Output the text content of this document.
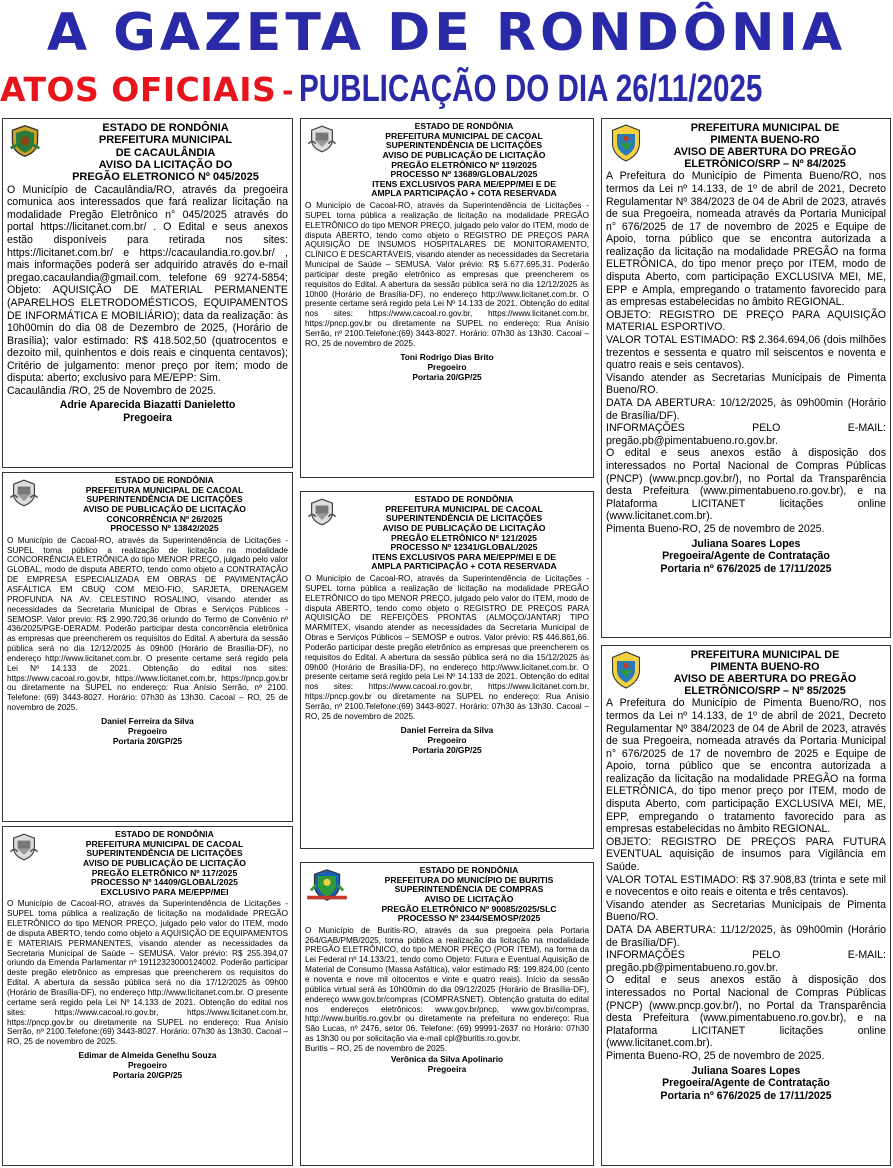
A GAZETA DE RONDÔNIA
ATOS OFICIAIS - PUBLICAÇÃO DO DIA 26/11/2025
ESTADO DE RONDÔNIA
PREFEITURA MUNICIPAL
DE CACAULÂNDIA
AVISO DA LICITAÇÃO DO
PREGÃO ELETRONICO Nº 045/2025
O Município de Cacaulândia/RO, através da pregoeira comunica aos interessados que fará realizar licitação na modalidade Pregão Eletrônico n° 045/2025 através do portal https://licitanet.com.br/ . O Edital e seus anexos estão disponíveis para retirada nos sites: https://licitanet.com.br/ e https://cacaulandia.ro.gov.br/ , mais informações poderá ser adquirido através do e-mail pregao.cacaulandia@gmail.com. telefone 69 9274-5854; Objeto: AQUISIÇÃO DE MATERIAL PERMANENTE (APARELHOS ELETRODOMÉSTICOS, EQUIPAMENTOS DE INFORMÁTICA E MOBILIÁRIO); data da realização: às 10h00min do dia 08 de Dezembro de 2025, (Horário de Brasília); valor estimado: R$ 418.502,50 (quatrocentos e dezoito mil, quinhentos e dois reais e cinquenta centavos); Critério de julgamento: menor preço por item; modo de disputa: aberto; exclusivo para ME/EPP: Sim.
Cacaulândia /RO, 25 de Novembro de 2025.
Adrie Aparecida Biazatti Danieletto
Pregoeira
ESTADO DE RONDÔNIA
PREFEITURA MUNICIPAL DE CACOAL
SUPERINTENDÊNCIA DE LICITAÇÕES
AVISO DE PUBLICAÇÃO DE LICITAÇÃO
CONCORRÊNCIA Nº 26/2025
PROCESSO Nº 13842/2025
O Município de Cacoal-RO, através da Superintendência de Licitações - SUPEL torna público a realização de licitação na modalidade CONCORRÊNCIA ELETRÔNICA do tipo MENOR PREÇO, julgado pelo valor GLOBAL, modo de disputa ABERTO, tendo como objeto a CONTRATAÇÃO DE EMPRESA ESPECIALIZADA EM OBRAS DE PAVIMENTAÇÃO ASFÁLTICA EM CBUQ COM MEIO-FIO, SARJETA, DRENAGEM PROFUNDA NA AV. CELESTINO ROSALINO, visando atender as necessidades da Secretaria Municipal de Obras e Serviços Públicos - SEMOSP. Valor previo: R$ 2.990.720,36 oriundo do Termo de Convênio nº 436/2025/PGE-DERADM. Poderão participar desta concorrência eletrônica as empresas que preencherem os requisitos do Edital. A abertura da sessão pública será no dia 12/12/2025 às 09h00 (Horário de Brasília-DF), no endereço http://www.licitanet.com.br. O presente certame será regido pela Lei Nº 14.133 de 2021. Obtenção do edital nos sites: https://www.cacoal.ro.gov.br, https://www.licitanet.com.br, https://pncp.gov.br ou diretamente na SUPEL no endereço: Rua Anísio Serrão, nº 2100. Telefone: (69) 3443-8027. Horário: 07h30 às 13h30. Cacoal – RO, 25 de novembro de 2025.
Daniel Ferreira da Silva
Pregoeiro
Portaria 20/GP/25
ESTADO DE RONDÔNIA
PREFEITURA MUNICIPAL DE CACOAL
SUPERINTENDÊNCIA DE LICITAÇÕES
AVISO DE PUBLICAÇÃO DE LICITAÇÃO
PREGÃO ELETRÔNICO Nº 117/2025
PROCESSO Nº 14409/GLOBAL/2025
EXCLUSIVO PARA ME/EPP/MEI
O Município de Cacoal-RO, através da Superintendência de Licitações - SUPEL torna pública a realização de licitação na modalidade PREGÃO ELETRÔNICO do tipo MENOR PREÇO, julgado pelo valor do ITEM, modo de disputa ABERTO, tendo como objeto a AQUISIÇÃO DE EQUIPAMENTOS E MATERIAIS PERMANENTES, visando atender as necessidades da Secretaria Municipal de Saúde – SEMUSA. Valor prévio: R$ 255.394,07 oriundo da Emenda Parlamentar nº 19112323000124002. Poderão participar deste pregão eletrônico as empresas que preencherem os requisitos do Edital. A abertura da sessão pública será no dia 17/12/2025 às 09h00 (Horário de Brasília-DF), no endereço http://www.licitanet.com.br. O presente certame será regido pela Lei Nº 14.133 de 2021. Obtenção do edital nos sites: https://www.cacoal.ro.gov.br, https://www.licitanet.com.br, https://pncp.gov.br ou diretamente na SUPEL no endereço: Rua Anísio Serrão, nº 2100.Telefone:(69) 3443-8027. Horário: 07h30 às 13h30. Cacoal – RO, 25 de novembro de 2025.
Edimar de Almeida Genelhu Souza
Pregoeiro
Portaria 20/GP/25
ESTADO DE RONDÔNIA
PREFEITURA MUNICIPAL DE CACOAL
SUPERINTENDÊNCIA DE LICITAÇÕES
AVISO DE PUBLICAÇÃO DE LICITAÇÃO
PREGÃO ELETRÔNICO Nº 119/2025
PROCESSO Nº 13689/GLOBAL/2025
ITENS EXCLUSIVOS PARA ME/EPP/MEI E DE
AMPLA PARTICIPAÇÃO + COTA RESERVADA
O Município de Cacoal-RO, através da Superintendência de Licitações - SUPEL torna pública a realização de licitação na modalidade PREGÃO ELETRÔNICO do tipo MENOR PREÇO, julgado pelo valor do ITEM, modo de disputa ABERTO, tendo como objeto o REGISTRO DE PREÇOS PARA AQUISIÇÃO DE INSUMOS HOSPITALARES DE MONITORAMENTO, CLÍNICO E DESCARTÁVEIS, visando atender as necessidades da Secretaria Municipal de Saúde – SEMUSA. Valor prévio: R$ 5.677.695,31. Poderão participar deste pregão eletrônico as empresas que preencherem os requisitos do Edital. A abertura da sessão pública será no dia 12/12/2025 às 10h00 (Horário de Brasília-DF), no endereço http://www.licitanet.com.br. O presente certame será regido pela Lei Nº 14.133 de 2021. Obtenção do edital nos sites: https://www.cacoal.ro.gov.br, https://www.licitanet.com.br, https://pncp.gov.br ou diretamente na SUPEL no endereço: Rua Anísio Serrão, nº 2100.Telefone:(69) 3443-8027. Horário: 07h30 às 13h30. Cacoal – RO, 25 de novembro de 2025.
Toni Rodrigo Dias Brito
Pregoeiro
Portaria 20/GP/25
ESTADO DE RONDÔNIA
PREFEITURA MUNICIPAL DE CACOAL
SUPERINTENDÊNCIA DE LICITAÇÕES
AVISO DE PUBLICAÇÃO DE LICITAÇÃO
PREGÃO ELETRÔNICO Nº 121/2025
PROCESSO Nº 12341/GLOBAL/2025
ITENS EXCLUSIVOS PARA ME/EPP/MEI E DE
AMPLA PARTICIPAÇÃO + COTA RESERVADA
O Município de Cacoal-RO, através da Superintendência de Licitações - SUPEL torna pública a realização de licitação na modalidade PREGÃO ELETRÔNICO do tipo MENOR PREÇO, julgado pelo valor do ITEM, modo de disputa ABERTO, tendo como objeto o REGISTRO DE PREÇOS PARA AQUISIÇÃO DE REFEIÇÕES PRONTAS (ALMOÇO/JANTAR) TIPO MARMITEX, visando atender as necessidades da Secretaria Municipal de Obras e Serviços Públicos – SEMOSP e outros. Valor prévio: R$ 446.861,66. Poderão participar deste pregão eletrônico as empresas que preencherem os requisitos do Edital. A abertura da sessão pública será no dia 15/12/2025 às 09h00 (Horário de Brasília-DF), no endereço http://www.licitanet.com.br. O presente certame será regido pela Lei Nº 14.133 de 2021. Obtenção do edital nos sites: https://www.cacoal.ro.gov.br, https://www.licitanet.com.br, https://pncp.gov.br ou diretamente na SUPEL no endereço: Rua Anísio Serrão, nº 2100.Telefone:(69) 3443-8027. Horário: 07h30 às 13h30. Cacoal – RO, 25 de novembro de 2025.
Daniel Ferreira da Silva
Pregoeiro
Portaria 20/GP/25
ESTADO DE RONDÔNIA
PREFEITURA DO MUNICÍPIO DE BURITIS
SUPERINTENDÊNCIA DE COMPRAS
AVISO DE LICITAÇÃO
PREGÃO ELETRÔNICO Nº 90085/2025/SLC
PROCESSO Nº 2344/SEMOSP/2025
O Município de Buritis-RO, através da sua pregoeira pela Portaria 264/GAB/PMB/2025, torna pública a realização da licitação na modalidade PREGÃO ELETRÔNICO, do tipo MENOR PREÇO (POR ITEM), na forma da Lei Federal nº 14.133/21, tendo como Objeto: Futura e Eventual Aquisição de Material de Consumo (Massa Asfáltica), valor estimado R$: 199.824,00 (cento e noventa e nove mil oitocentos e vinte e quatro reais). Início da sessão pública virtual será às 10h00min do dia 09/12/2025 (Horário de Brasília-DF), endereço www.gov.br/compras (COMPRASNET). Obtenção gratuita do edital nos endereços eletrônicos: www.gov.br/pncp, www.gov.br/compras, http://www.buritis.ro.gov.br ou diretamente na prefeitura no endereço: Rua São Lucas, nº 2476, setor 06. Telefone: (69) 99991-2637 no Horário: 07h30 as 13h30 ou por solicitação via e-mail cpl@buritis.ro.gov.br.
Buritis – RO, 25 de novembro de 2025.
Verônica da Silva Apolinario
Pregoeira
PREFEITURA MUNICIPAL DE
PIMENTA BUENO-RO
AVISO DE ABERTURA DO PREGÃO
ELETRÔNICO/SRP – Nº 84/2025
A Prefeitura do Município de Pimenta Bueno/RO, nos termos da Lei nº 14.133, de 1º de abril de 2021, Decreto Regulamentar Nº 384/2023 de 04 de Abril de 2023, através de sua Pregoeira, nomeada através da Portaria Municipal n° 676/2025 de 17 de novembro de 2025 e Equipe de Apoio, torna público que se encontra autorizada a realização da licitação na modalidade PREGÃO na forma ELETRÔNICA, do tipo menor preço por ITEM, modo de disputa Aberto, com participação EXCLUSIVA MEI, ME, EPP e Ampla, empregando o tratamento favorecido para as empresas estabelecidas no âmbito REGIONAL.
OBJETO: REGISTRO DE PREÇO PARA AQUISIÇÃO MATERIAL ESPORTIVO.
VALOR TOTAL ESTIMADO: R$ 2.364.694,06 (dois milhões trezentos e sessenta e quatro mil seiscentos e noventa e quatro reais e seis centavos).
Visando atender as Secretarias Municipais de Pimenta Bueno/RO.
DATA DA ABERTURA: 10/12/2025, às 09h00min (Horário de Brasília/DF).
INFORMAÇÕES PELO E-MAIL: pregão.pb@pimentabueno.ro.gov.br.
O edital e seus anexos estão à disposição dos interessados no Portal Nacional de Compras Públicas (PNCP) (www.pncp.gov.br/), no Portal da Transparência desta Prefeitura (www.pimentabueno.ro.gov.br), e na Plataforma LICITANET licitações online (www.licitanet.com.br).
Pimenta Bueno-RO, 25 de novembro de 2025.
Juliana Soares Lopes
Pregoeira/Agente de Contratação
Portaria nº 676/2025 de 17/11/2025
PREFEITURA MUNICIPAL DE
PIMENTA BUENO-RO
AVISO DE ABERTURA DO PREGÃO
ELETRÔNICO/SRP – Nº 85/2025
A Prefeitura do Município de Pimenta Bueno/RO, nos termos da Lei nº 14.133, de 1º de abril de 2021, Decreto Regulamentar Nº 384/2023 de 04 de Abril de 2023, através de sua Pregoeira, nomeada através da Portaria Municipal n° 676/2025 de 17 de novembro de 2025 e Equipe de Apoio, torna público que se encontra autorizada a realização da licitação na modalidade PREGÃO na forma ELETRÔNICA, do tipo menor preço por ITEM, modo de disputa Aberto, com participação EXCLUSIVA MEI, ME, EPP, empregando o tratamento favorecido para as empresas estabelecidas no âmbito REGIONAL.
OBJETO: REGISTRO DE PREÇOS PARA FUTURA EVENTUAL aquisição de insumos para Vigilância em Saúde.
VALOR TOTAL ESTIMADO: R$ 37.908,83 (trinta e sete mil e novecentos e oito reais e oitenta e três centavos).
Visando atender as Secretarias Municipais de Pimenta Bueno/RO.
DATA DA ABERTURA: 11/12/2025, às 09h00min (Horário de Brasília/DF).
INFORMAÇÕES PELO E-MAIL: pregão.pb@pimentabueno.ro.gov.br.
O edital e seus anexos estão à disposição dos interessados no Portal Nacional de Compras Públicas (PNCP) (www.pncp.gov.br/), no Portal da Transparência desta Prefeitura (www.pimentabueno.ro.gov.br), e na Plataforma LICITANET licitações online (www.licitanet.com.br).
Pimenta Bueno-RO, 25 de novembro de 2025.
Juliana Soares Lopes
Pregoeira/Agente de Contratação
Portaria nº 676/2025 de 17/11/2025
